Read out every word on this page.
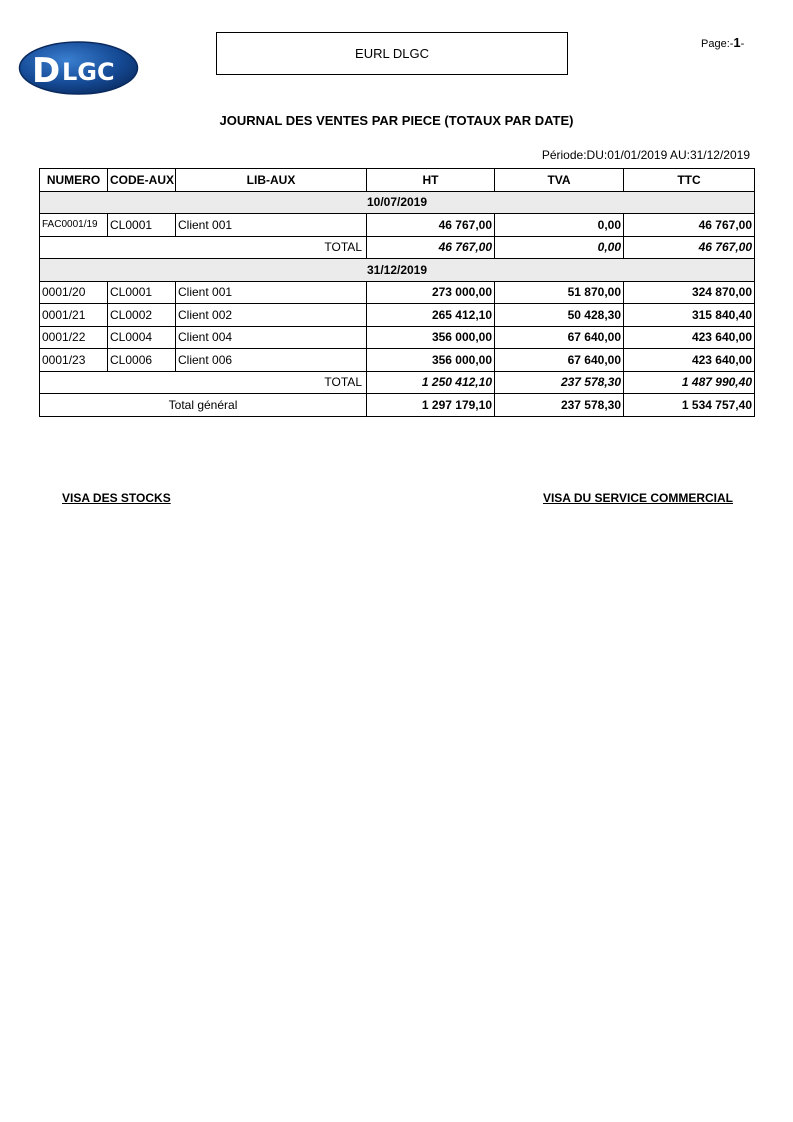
D LGC
EURL DLGC
Page:-1-
JOURNAL DES VENTES PAR PIECE (TOTAUX PAR DATE)
Période:DU:01/01/2019 AU:31/12/2019
NUMERO	CODE-AUX	LIB-AUX	HT	TVA	TTC
10/07/2019					
FAC0001/19	CL0001	Client 001	46 767,00	0,00	46 767,00
TOTAL			46 767,00	0,00	46 767,00
31/12/2019					
0001/20	CL0001	Client 001	273 000,00	51 870,00	324 870,00
0001/21	CL0002	Client 002	265 412,10	50 428,30	315 840,40
0001/22	CL0004	Client 004	356 000,00	67 640,00	423 640,00
0001/23	CL0006	Client 006	356 000,00	67 640,00	423 640,00
TOTAL			1 250 412,10	237 578,30	1 487 990,40
Total général			1 297 179,10	237 578,30	1 534 757,40
VISA DES STOCKS	VISA DU SERVICE COMMERCIAL
